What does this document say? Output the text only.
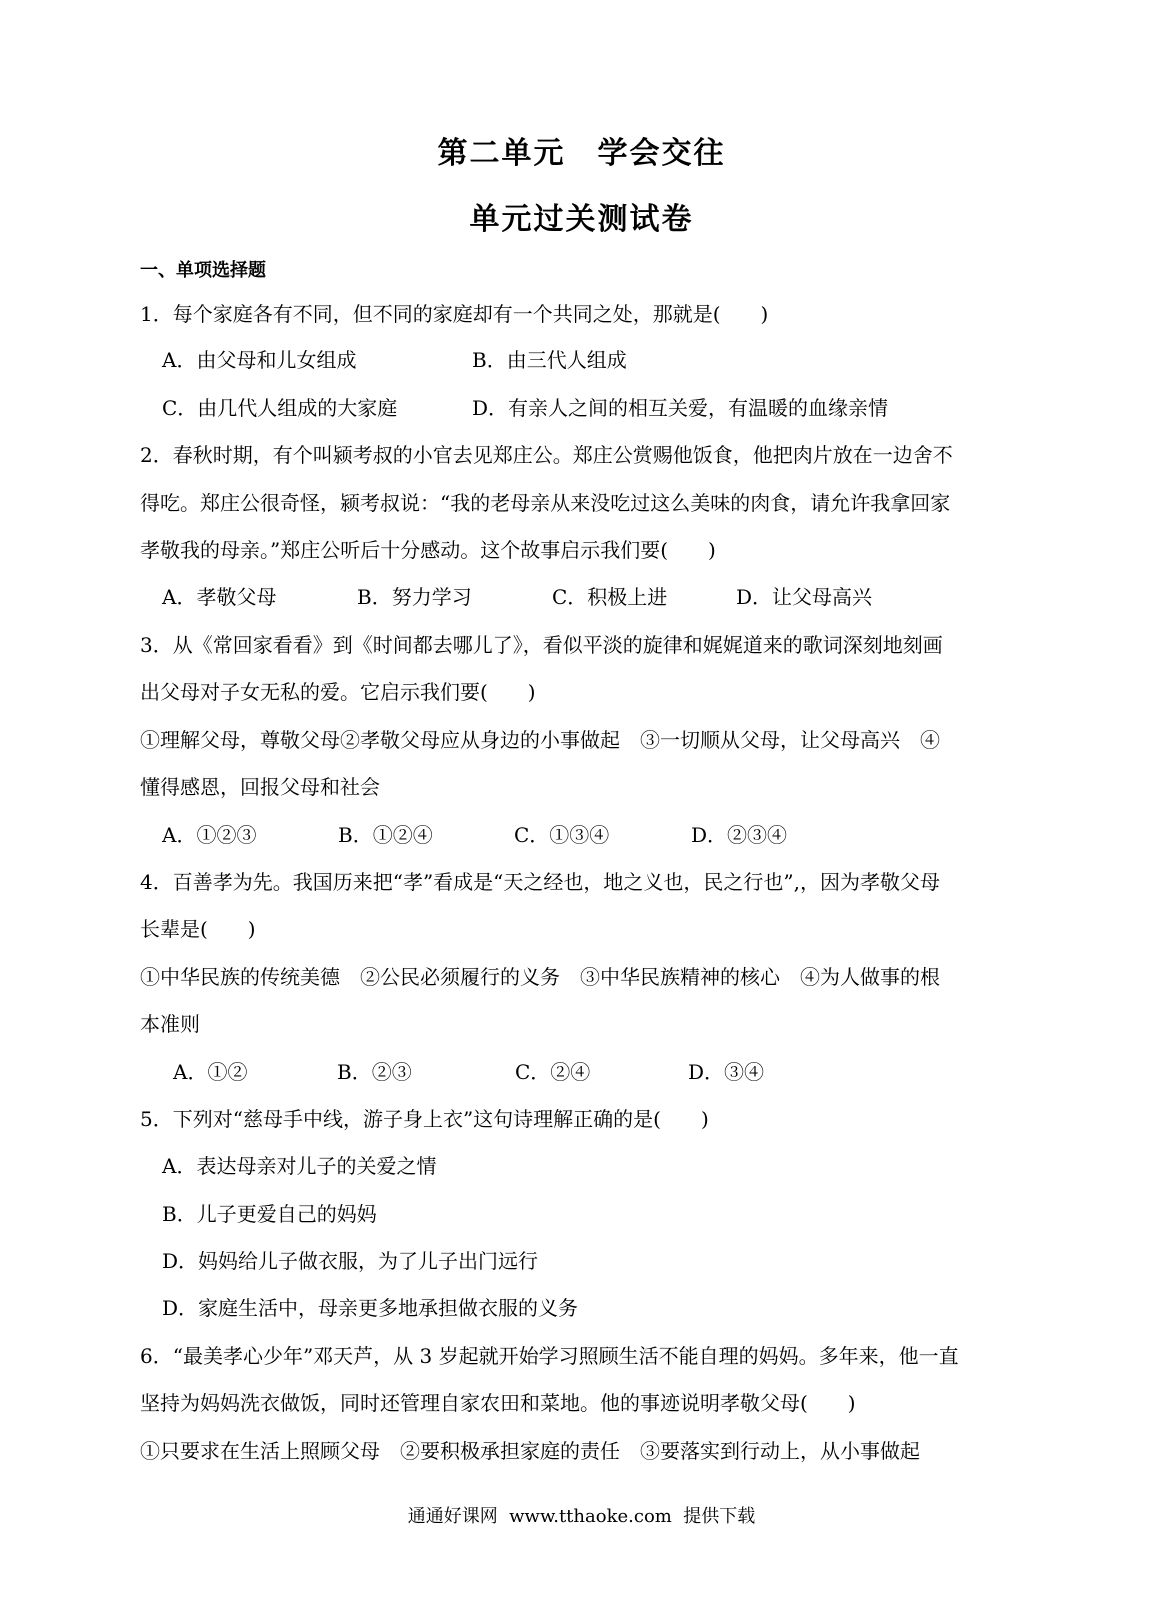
第二单元　学会交往
单元过关测试卷
一、单项选择题
1．每个家庭各有不同，但不同的家庭却有一个共同之处，那就是(　　)
A．由父母和儿女组成	B．由三代人组成
C．由几代人组成的大家庭	D．有亲人之间的相互关爱，有温暖的血缘亲情
2．春秋时期，有个叫颍考叔的小官去见郑庄公。郑庄公赏赐他饭食，他把肉片放在一边舍不
得吃。郑庄公很奇怪，颍考叔说：“我的老母亲从来没吃过这么美味的肉食，请允许我拿回家
孝敬我的母亲。”郑庄公听后十分感动。这个故事启示我们要(　　)
A．孝敬父母	B．努力学习	C．积极上进	D．让父母高兴
3．从《常回家看看》到《时间都去哪儿了》，看似平淡的旋律和娓娓道来的歌词深刻地刻画
出父母对子女无私的爱。它启示我们要(　　)
①理解父母，尊敬父母②孝敬父母应从身边的小事做起　③一切顺从父母，让父母高兴　④
懂得感恩，回报父母和社会
A．①②③	B．①②④	C．①③④	D．②③④
4．百善孝为先。我国历来把“孝”看成是“天之经也，地之义也，民之行也”,，因为孝敬父母
长辈是(　　)
①中华民族的传统美德　②公民必须履行的义务　③中华民族精神的核心　④为人做事的根
本准则
A．①②	B．②③	C．②④	D．③④
5．下列对“慈母手中线，游子身上衣”这句诗理解正确的是(　　)
A．表达母亲对儿子的关爱之情
B．儿子更爱自己的妈妈
D．妈妈给儿子做衣服，为了儿子出门远行
D．家庭生活中，母亲更多地承担做衣服的义务
6．“最美孝心少年”邓天芦，从 3 岁起就开始学习照顾生活不能自理的妈妈。多年来，他一直
坚持为妈妈洗衣做饭，同时还管理自家农田和菜地。他的事迹说明孝敬父母(　　)
①只要求在生活上照顾父母　②要积极承担家庭的责任　③要落实到行动上，从小事做起
通通好课网  www.tthaoke.com  提供下载
